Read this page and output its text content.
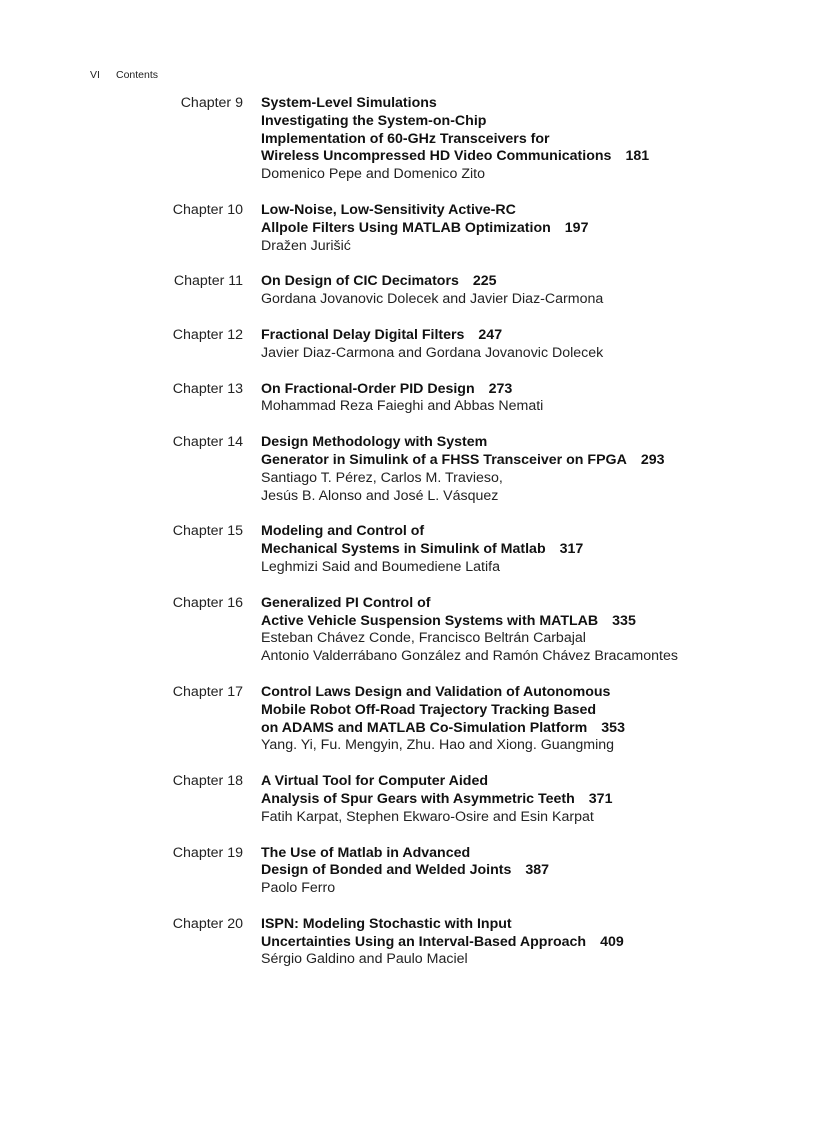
VI Contents
Chapter 9 System-Level Simulations
Investigating the System-on-Chip
Implementation of 60-GHz Transceivers for
Wireless Uncompressed HD Video Communications 181
Domenico Pepe and Domenico Zito
Chapter 10 Low-Noise, Low-Sensitivity Active-RC
Allpole Filters Using MATLAB Optimization 197
Dražen Jurišić
Chapter 11 On Design of CIC Decimators 225
Gordana Jovanovic Dolecek and Javier Diaz-Carmona
Chapter 12 Fractional Delay Digital Filters 247
Javier Diaz-Carmona and Gordana Jovanovic Dolecek
Chapter 13 On Fractional-Order PID Design 273
Mohammad Reza Faieghi and Abbas Nemati
Chapter 14 Design Methodology with System
Generator in Simulink of a FHSS Transceiver on FPGA 293
Santiago T. Pérez, Carlos M. Travieso,
Jesús B. Alonso and José L. Vásquez
Chapter 15 Modeling and Control of
Mechanical Systems in Simulink of Matlab 317
Leghmizi Said and Boumediene Latifa
Chapter 16 Generalized PI Control of
Active Vehicle Suspension Systems with MATLAB 335
Esteban Chávez Conde, Francisco Beltrán Carbajal
Antonio Valderrábano González and Ramón Chávez Bracamontes
Chapter 17 Control Laws Design and Validation of Autonomous
Mobile Robot Off-Road Trajectory Tracking Based
on ADAMS and MATLAB Co-Simulation Platform 353
Yang. Yi, Fu. Mengyin, Zhu. Hao and Xiong. Guangming
Chapter 18 A Virtual Tool for Computer Aided
Analysis of Spur Gears with Asymmetric Teeth 371
Fatih Karpat, Stephen Ekwaro-Osire and Esin Karpat
Chapter 19 The Use of Matlab in Advanced
Design of Bonded and Welded Joints 387
Paolo Ferro
Chapter 20 ISPN: Modeling Stochastic with Input
Uncertainties Using an Interval-Based Approach 409
Sérgio Galdino and Paulo Maciel
